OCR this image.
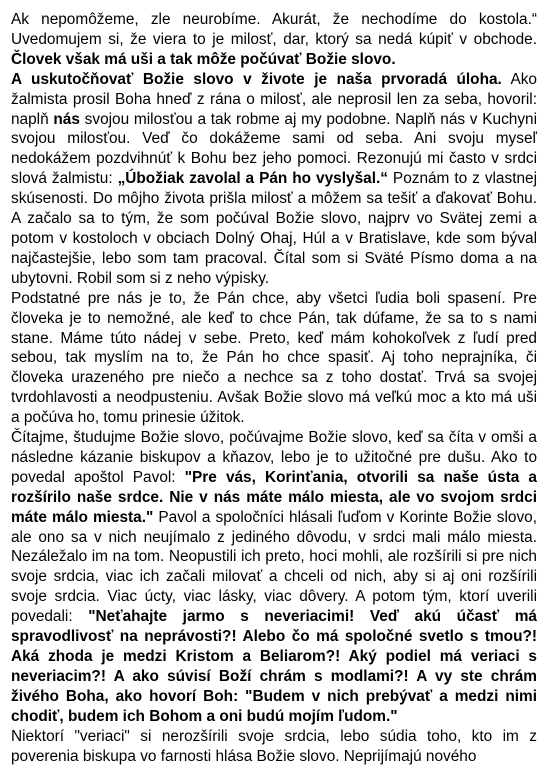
Ak nepomôžeme, zle neurobíme. Akurát, že nechodíme do kostola.“ Uvedomujem si, že viera to je milosť, dar, ktorý sa nedá kúpiť v obchode. Človek však má uši a tak môže počúvať Božie slovo.

A uskutočňovať Božie slovo v živote je naša prvoradá úloha. Ako žalmista prosil Boha hneď z rána o milosť, ale neprosil len za seba, hovoril: naplň nás svojou milosťou a tak robme aj my podobne. Naplň nás v Kuchyni svojou milosťou. Veď čo dokážeme sami od seba. Ani svoju myseľ nedokážem pozdvihnúť k Bohu bez jeho pomoci. Rezonujú mi často v srdci slová žalmistu: „Úbožiak zavolal a Pán ho vyslyšal.“ Poznám to z vlastnej skúsenosti. Do môjho života prišla milosť a môžem sa tešiť a ďakovať Bohu. A začalo sa to tým, že som počúval Božie slovo, najprv vo Svätej zemi a potom v kostoloch v obciach Dolný Ohaj, Húl a v Bratislave, kde som býval najčastejšie, lebo som tam pracoval. Čítal som si Sväté Písmo doma a na ubytovni. Robil som si z neho výpisky.

Podstatné pre nás je to, že Pán chce, aby všetci ľudia boli spasení. Pre človeka je to nemožné, ale keď to chce Pán, tak dúfame, že sa to s nami stane. Máme túto nádej v sebe. Preto, keď mám kohokoľvek z ľudí pred sebou, tak myslím na to, že Pán ho chce spasiť. Aj toho neprajníka, či človeka urazeného pre niečo a nechce sa z toho dostať. Trvá sa svojej tvrdohlavosti a neodpusteniu. Avšak Božie slovo má veľkú moc a kto má uši a počúva ho, tomu prinesie úžitok.

Čítajme, študujme Božie slovo, počúvajme Božie slovo, keď sa číta v omši a následne kázanie biskupov a kňazov, lebo je to užitočné pre dušu. Ako to povedal apoštol Pavol: "Pre vás, Korinťania, otvorili sa naše ústa a rozšírilo naše srdce. Nie v nás máte málo miesta, ale vo svojom srdci máte málo miesta." Pavol a spoločníci hlásali ľuďom v Korinte Božie slovo, ale ono sa v nich neujímalo z jediného dôvodu, v srdci mali málo miesta. Nezáležalo im na tom. Neopustili ich preto, hoci mohli, ale rozšírili si pre nich svoje srdcia, viac ich začali milovať a chceli od nich, aby si aj oni rozšírili svoje srdcia. Viac úcty, viac lásky, viac dôvery. A potom tým, ktorí uverili povedali: "Neťahajte jarmo s neveriacimi! Veď akú účasť má spravodlivosť na neprávosti?! Alebo čo má spoločné svetlo s tmou?! Aká zhoda je medzi Kristom a Beliarom?! Aký podiel má veriaci s neveriacim?! A ako súvisí Boží chrám s modlami?! A vy ste chrám živého Boha, ako hovorí Boh: "Budem v nich prebývať a medzi nimi chodiť, budem ich Bohom a oni budú mojím ľudom."

Niektorí "veriaci" si nerozšírili svoje srdcia, lebo súdia toho, kto im z poverenia biskupa vo farnosti hlása Božie slovo. Neprijímajú nového
